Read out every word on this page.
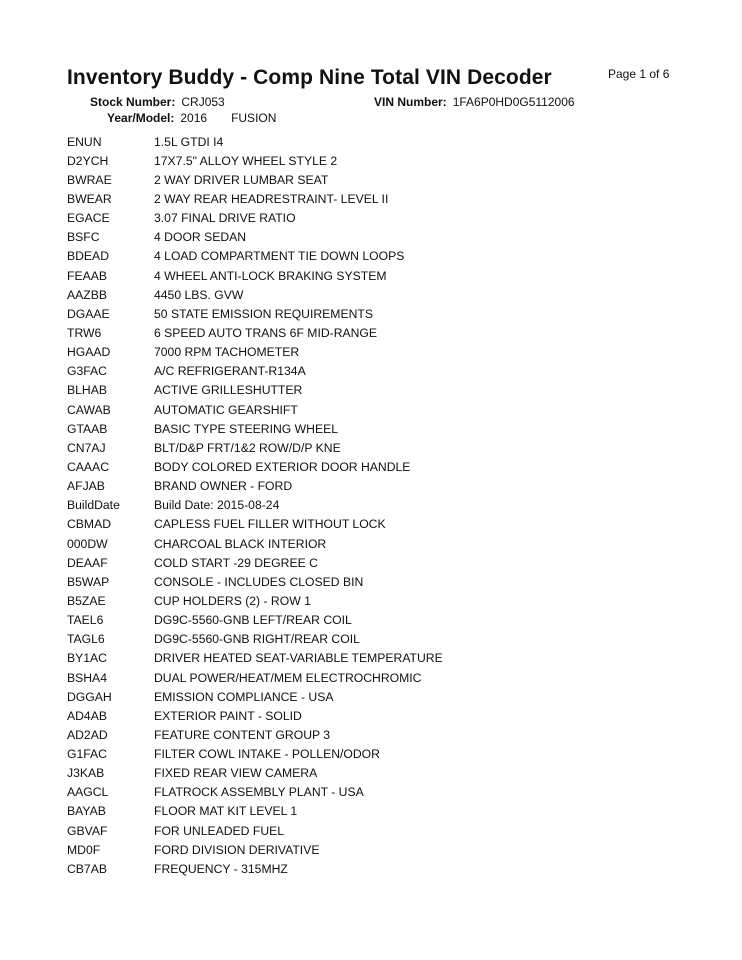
Inventory Buddy - Comp Nine Total VIN Decoder	Page 1 of 6
Stock Number: CRJ053	VIN Number: 1FA6P0HD0G5112006
Year/Model: 2016 FUSION
ENUN	1.5L GTDI I4
D2YCH	17X7.5" ALLOY WHEEL STYLE 2
BWRAE	2 WAY DRIVER LUMBAR SEAT
BWEAR	2 WAY REAR HEADRESTRAINT- LEVEL II
EGACE	3.07 FINAL DRIVE RATIO
BSFC	4 DOOR SEDAN
BDEAD	4 LOAD COMPARTMENT TIE DOWN LOOPS
FEAAB	4 WHEEL ANTI-LOCK BRAKING SYSTEM
AAZBB	4450 LBS. GVW
DGAAE	50 STATE EMISSION REQUIREMENTS
TRW6	6 SPEED AUTO TRANS 6F MID-RANGE
HGAAD	7000 RPM TACHOMETER
G3FAC	A/C REFRIGERANT-R134A
BLHAB	ACTIVE GRILLESHUTTER
CAWAB	AUTOMATIC GEARSHIFT
GTAAB	BASIC TYPE STEERING WHEEL
CN7AJ	BLT/D&P FRT/1&2 ROW/D/P KNE
CAAAC	BODY COLORED EXTERIOR DOOR HANDLE
AFJAB	BRAND OWNER - FORD
BuildDate	Build Date: 2015-08-24
CBMAD	CAPLESS FUEL FILLER WITHOUT LOCK
000DW	CHARCOAL BLACK INTERIOR
DEAAF	COLD START -29 DEGREE C
B5WAP	CONSOLE - INCLUDES CLOSED BIN
B5ZAE	CUP HOLDERS (2) - ROW 1
TAEL6	DG9C-5560-GNB LEFT/REAR COIL
TAGL6	DG9C-5560-GNB RIGHT/REAR COIL
BY1AC	DRIVER HEATED SEAT-VARIABLE TEMPERATURE
BSHA4	DUAL POWER/HEAT/MEM ELECTROCHROMIC
DGGAH	EMISSION COMPLIANCE - USA
AD4AB	EXTERIOR PAINT - SOLID
AD2AD	FEATURE CONTENT GROUP 3
G1FAC	FILTER COWL INTAKE - POLLEN/ODOR
J3KAB	FIXED REAR VIEW CAMERA
AAGCL	FLATROCK ASSEMBLY PLANT - USA
BAYAB	FLOOR MAT KIT LEVEL 1
GBVAF	FOR UNLEADED FUEL
MD0F	FORD DIVISION DERIVATIVE
CB7AB	FREQUENCY - 315MHZ
